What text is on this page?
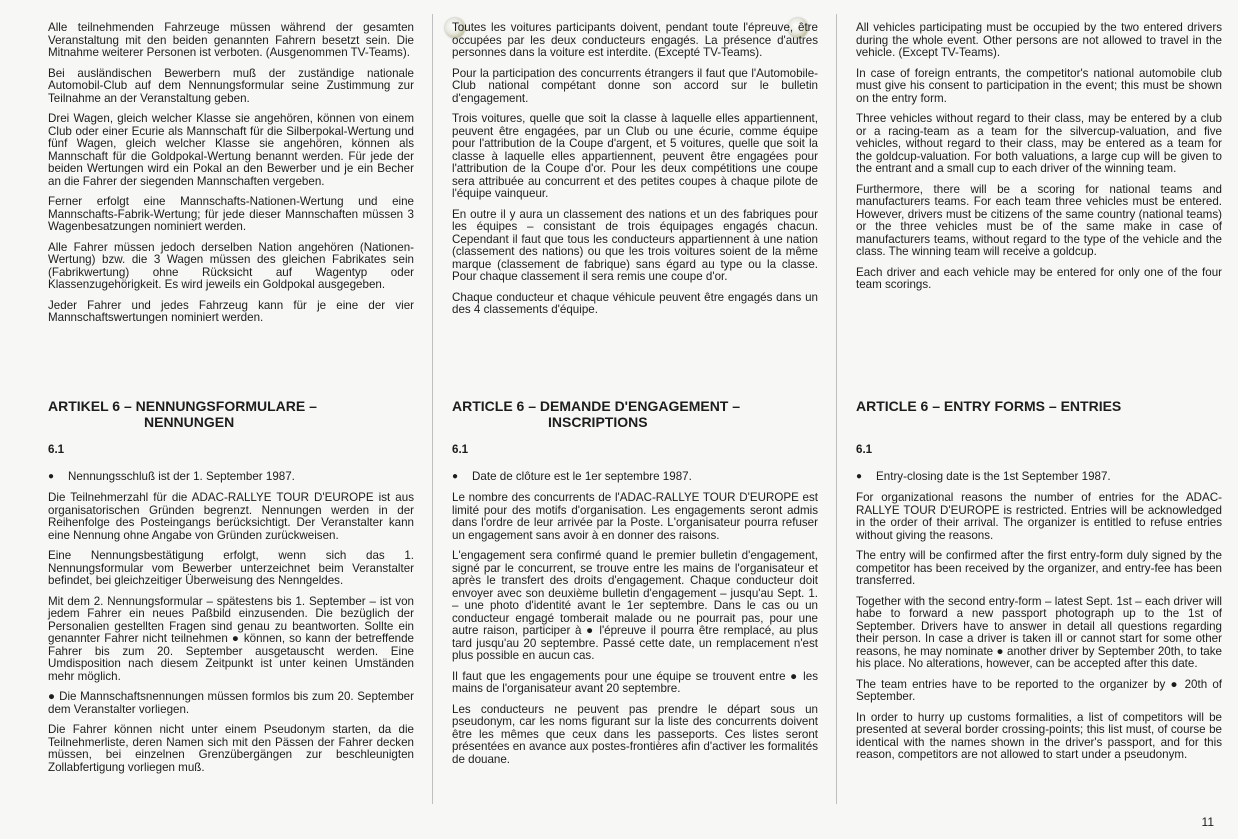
Alle teilnehmenden Fahrzeuge müssen während der gesamten Veranstaltung mit den beiden genannten Fahrern besetzt sein. Die Mitnahme weiterer Personen ist verboten. (Ausgenommen TV-Teams).

Bei ausländischen Bewerbern muß der zuständige nationale Automobil-Club auf dem Nennungsformular seine Zustimmung zur Teilnahme an der Veranstaltung geben.

Drei Wagen, gleich welcher Klasse sie angehören, können von einem Club oder einer Ecurie als Mannschaft für die Silberpokal-Wertung und fünf Wagen, gleich welcher Klasse sie angehören, können als Mannschaft für die Goldpokal-Wertung benannt werden. Für jede der beiden Wertungen wird ein Pokal an den Bewerber und je ein Becher an die Fahrer der siegenden Mannschaften vergeben.

Ferner erfolgt eine Mannschafts-Nationen-Wertung und eine Mannschafts-Fabrik-Wertung; für jede dieser Mannschaften müssen 3 Wagenbesatzungen nominiert werden.

Alle Fahrer müssen jedoch derselben Nation angehören (Nationen-Wertung) bzw. die 3 Wagen müssen des gleichen Fabrikates sein (Fabrikwertung) ohne Rücksicht auf Wagentyp oder Klassenzugehörigkeit. Es wird jeweils ein Goldpokal ausgegeben.

Jeder Fahrer und jedes Fahrzeug kann für je eine der vier Mannschaftswertungen nominiert werden.

ARTIKEL 6 – NENNUNGSFORMULARE –
NENNUNGEN
6.1

● Nennungsschluß ist der 1. September 1987.

Die Teilnehmerzahl für die ADAC-RALLYE TOUR D'EUROPE ist aus organisatorischen Gründen begrenzt. Nennungen werden in der Reihenfolge des Posteingangs berücksichtigt. Der Veranstalter kann eine Nennung ohne Angabe von Gründen zurückweisen.

Eine Nennungsbestätigung erfolgt, wenn sich das 1. Nennungsformular vom Bewerber unterzeichnet beim Veranstalter befindet, bei gleichzeitiger Überweisung des Nenngeldes.

Mit dem 2. Nennungsformular – spätestens bis 1. September – ist von jedem Fahrer ein neues Paßbild einzusenden. Die bezüglich der Personalien gestellten Fragen sind genau zu beantworten. Sollte ein genannter Fahrer nicht teilnehmen ● können, so kann der betreffende Fahrer bis zum 20. September ausgetauscht werden. Eine Umdisposition nach diesem Zeitpunkt ist unter keinen Umständen mehr möglich.

● Die Mannschaftsnennungen müssen formlos bis zum 20. September dem Veranstalter vorliegen.

Die Fahrer können nicht unter einem Pseudonym starten, da die Teilnehmerliste, deren Namen sich mit den Pässen der Fahrer decken müssen, bei einzelnen Grenzübergängen zur beschleunigten Zollabfertigung vorliegen muß.

Toutes les voitures participants doivent, pendant toute l'épreuve, être occupées par les deux conducteurs engagés. La présence d'autres personnes dans la voiture est interdite. (Excepté TV-Teams).

Pour la participation des concurrents étrangers il faut que l'Automobile-Club national compétant donne son accord sur le bulletin d'engagement.

Trois voitures, quelle que soit la classe à laquelle elles appartiennent, peuvent être engagées, par un Club ou une écurie, comme équipe pour l'attribution de la Coupe d'argent, et 5 voitures, quelle que soit la classe à laquelle elles appartiennent, peuvent être engagées pour l'attribution de la Coupe d'or. Pour les deux compétitions une coupe sera attribuée au concurrent et des petites coupes à chaque pilote de l'équipe vainqueur.

En outre il y aura un classement des nations et un des fabriques pour les équipes – consistant de trois équipages engagés chacun. Cependant il faut que tous les conducteurs appartiennent à une nation (classement des nations) ou que les trois voitures soient de la même marque (classement de fabrique) sans égard au type ou la classe. Pour chaque classement il sera remis une coupe d'or.

Chaque conducteur et chaque véhicule peuvent être engagés dans un des 4 classements d'équipe.

ARTICLE 6 – DEMANDE D'ENGAGEMENT –
INSCRIPTIONS
6.1

● Date de clôture est le 1er septembre 1987.

Le nombre des concurrents de l'ADAC-RALLYE TOUR D'EUROPE est limité pour des motifs d'organisation. Les engagements seront admis dans l'ordre de leur arrivée par la Poste. L'organisateur pourra refuser un engagement sans avoir à en donner des raisons.

L'engagement sera confirmé quand le premier bulletin d'engagement, signé par le concurrent, se trouve entre les mains de l'organisateur et après le transfert des droits d'engagement. Chaque conducteur doit envoyer avec son deuxième bulletin d'engagement – jusqu'au Sept. 1. – une photo d'identité avant le 1er septembre. Dans le cas ou un conducteur engagé tomberait malade ou ne pourrait pas, pour une autre raison, participer à ● l'épreuve il pourra être remplacé, au plus tard jusqu'au 20 septembre. Passé cette date, un remplacement n'est plus possible en aucun cas.

Il faut que les engagements pour une équipe se trouvent entre ● les mains de l'organisateur avant 20 septembre.

Les conducteurs ne peuvent pas prendre le départ sous un pseudonym, car les noms figurant sur la liste des concurrents doivent être les mêmes que ceux dans les passeports. Ces listes seront présentées en avance aux postes-frontières afin d'activer les formalités de douane.

All vehicles participating must be occupied by the two entered drivers during the whole event. Other persons are not allowed to travel in the vehicle. (Except TV-Teams).

In case of foreign entrants, the competitor's national automobile club must give his consent to participation in the event; this must be shown on the entry form.

Three vehicles without regard to their class, may be entered by a club or a racing-team as a team for the silvercup-valuation, and five vehicles, without regard to their class, may be entered as a team for the goldcup-valuation. For both valuations, a large cup will be given to the entrant and a small cup to each driver of the winning team.

Furthermore, there will be a scoring for national teams and manufacturers teams. For each team three vehicles must be entered. However, drivers must be citizens of the same country (national teams) or the three vehicles must be of the same make in case of manufacturers teams, without regard to the type of the vehicle and the class. The winning team will receive a goldcup.

Each driver and each vehicle may be entered for only one of the four team scorings.

ARTICLE 6 – ENTRY FORMS – ENTRIES
6.1

● Entry-closing date is the 1st September 1987.

For organizational reasons the number of entries for the ADAC-RALLYE TOUR D'EUROPE is restricted. Entries will be acknowledged in the order of their arrival. The organizer is entitled to refuse entries without giving the reasons.

The entry will be confirmed after the first entry-form duly signed by the competitor has been received by the organizer, and entry-fee has been transferred.

Together with the second entry-form – latest Sept. 1st – each driver will habe to forward a new passport photograph up to the 1st of September. Drivers have to answer in detail all questions regarding their person. In case a driver is taken ill or cannot start for some other reasons, he may nominate ● another driver by September 20th, to take his place. No alterations, however, can be accepted after this date.

The team entries have to be reported to the organizer by ● 20th of September.

In order to hurry up customs formalities, a list of competitors will be presented at several border crossing-points; this list must, of course be identical with the names shown in the driver's passport, and for this reason, competitors are not allowed to start under a pseudonym.

11
